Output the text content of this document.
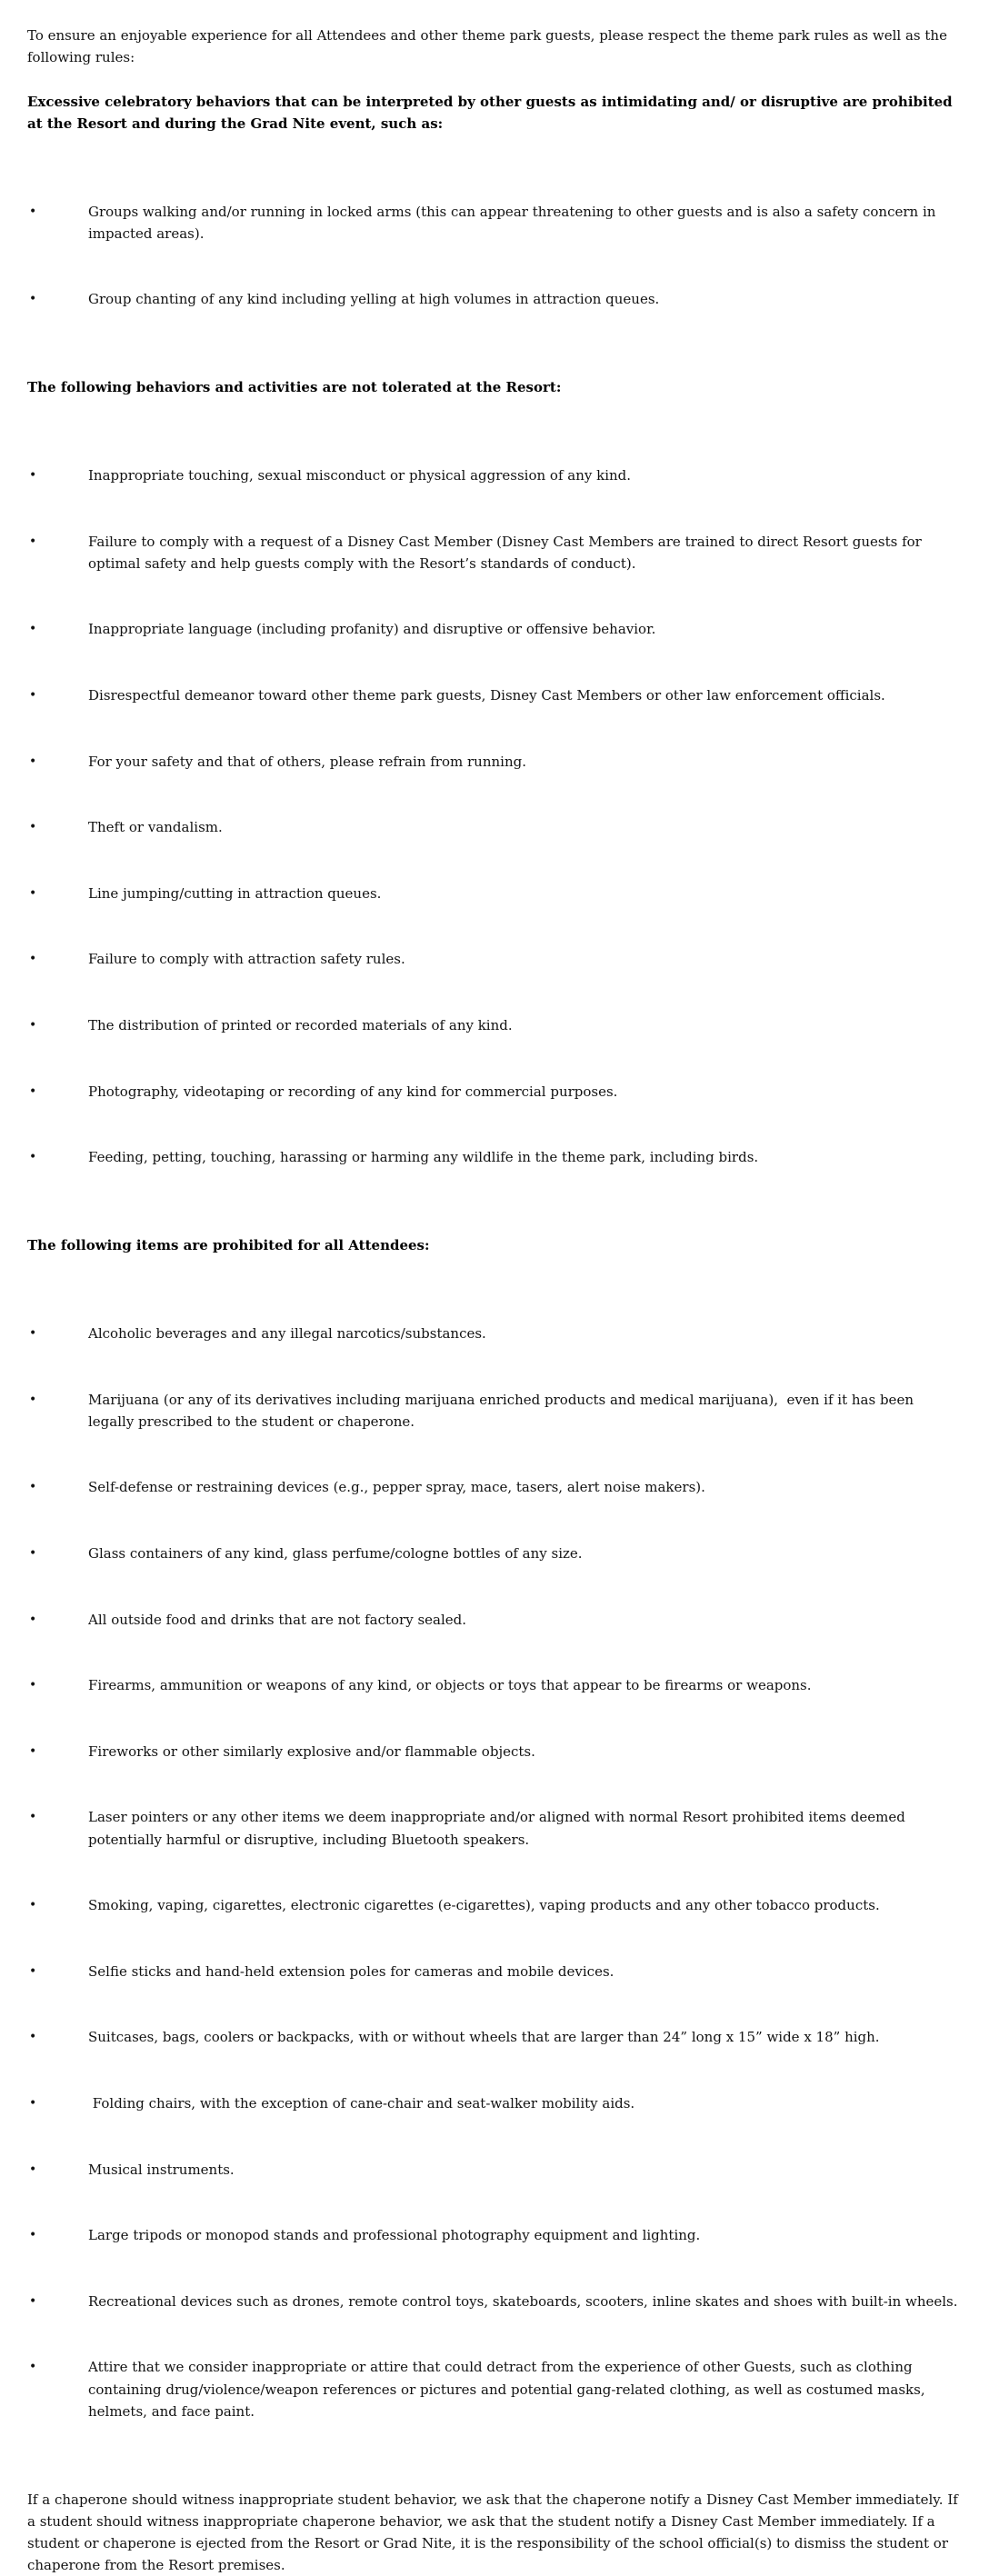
To ensure an enjoyable experience for all Attendees and other theme park guests, please respect the theme park rules as well as the following rules:

Excessive celebratory behaviors that can be interpreted by other guests as intimidating and/ or disruptive are prohibited at the Resort and during the Grad Nite event, such as:

•	Groups walking and/or running in locked arms (this can appear threatening to other guests and is also a safety concern in impacted areas).

•	Group chanting of any kind including yelling at high volumes in attraction queues.

The following behaviors and activities are not tolerated at the Resort:

•	Inappropriate touching, sexual misconduct or physical aggression of any kind.

•	Failure to comply with a request of a Disney Cast Member (Disney Cast Members are trained to direct Resort guests for optimal safety and help guests comply with the Resort’s standards of conduct).

•	Inappropriate language (including profanity) and disruptive or offensive behavior.

•	Disrespectful demeanor toward other theme park guests, Disney Cast Members or other law enforcement officials.

•	For your safety and that of others, please refrain from running.

•	Theft or vandalism.

•	Line jumping/cutting in attraction queues.

•	Failure to comply with attraction safety rules.

•	The distribution of printed or recorded materials of any kind.

•	Photography, videotaping or recording of any kind for commercial purposes.

•	Feeding, petting, touching, harassing or harming any wildlife in the theme park, including birds.

The following items are prohibited for all Attendees:

•	Alcoholic beverages and any illegal narcotics/substances.

•	Marijuana (or any of its derivatives including marijuana enriched products and medical marijuana),  even if it has been legally prescribed to the student or chaperone.

•	Self-defense or restraining devices (e.g., pepper spray, mace, tasers, alert noise makers).

•	Glass containers of any kind, glass perfume/cologne bottles of any size.

•	All outside food and drinks that are not factory sealed.

•	Firearms, ammunition or weapons of any kind, or objects or toys that appear to be firearms or weapons.

•	Fireworks or other similarly explosive and/or flammable objects.

•	Laser pointers or any other items we deem inappropriate and/or aligned with normal Resort prohibited items deemed potentially harmful or disruptive, including Bluetooth speakers.

•	Smoking, vaping, cigarettes, electronic cigarettes (e-cigarettes), vaping products and any other tobacco products.

•	Selfie sticks and hand-held extension poles for cameras and mobile devices.

•	Suitcases, bags, coolers or backpacks, with or without wheels that are larger than 24” long x 15” wide x 18” high.

•	Folding chairs, with the exception of cane-chair and seat-walker mobility aids.

•	Musical instruments.

•	Large tripods or monopod stands and professional photography equipment and lighting.

•	Recreational devices such as drones, remote control toys, skateboards, scooters, inline skates and shoes with built-in wheels.

•	Attire that we consider inappropriate or attire that could detract from the experience of other Guests, such as clothing containing drug/violence/weapon references or pictures and potential gang-related clothing, as well as costumed masks, helmets, and face paint.

If a chaperone should witness inappropriate student behavior, we ask that the chaperone notify a Disney Cast Member immediately. If a student should witness inappropriate chaperone behavior, we ask that the student notify a Disney Cast Member immediately. If a student or chaperone is ejected from the Resort or Grad Nite, it is the responsibility of the school official(s) to dismiss the student or chaperone from the Resort premises.
